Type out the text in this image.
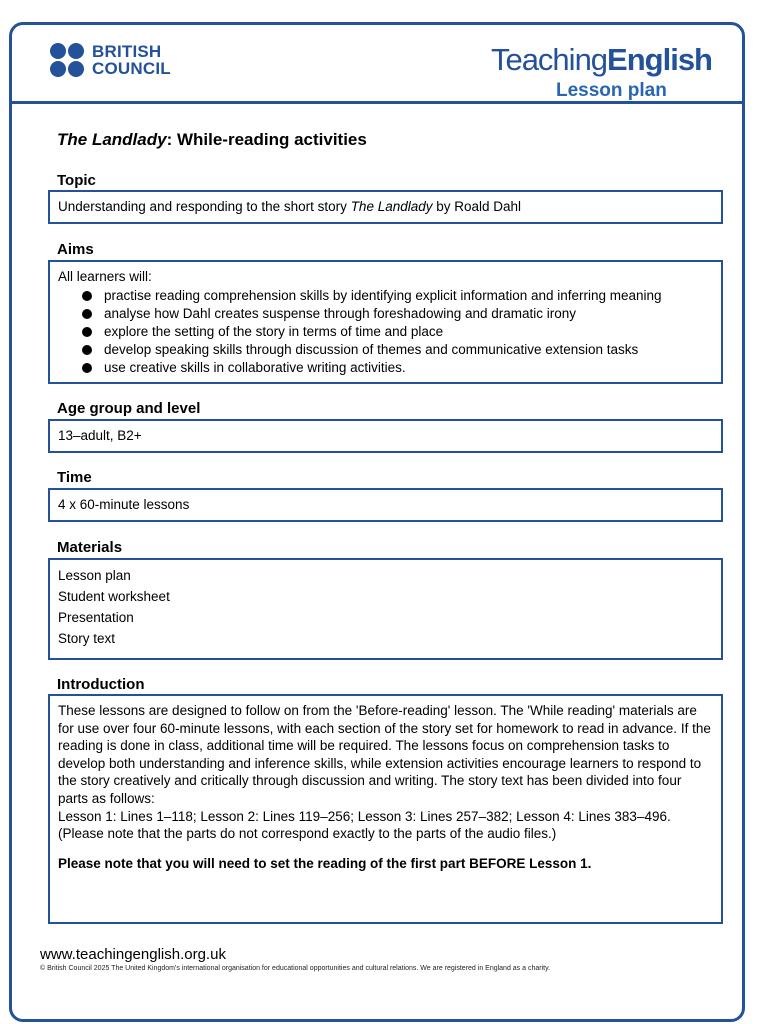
BRITISH
COUNCIL	TeachingEnglish
Lesson plan
The Landlady: While-reading activities
Topic
Understanding and responding to the short story The Landlady by Roald Dahl
Aims
All learners will:
practise reading comprehension skills by identifying explicit information and inferring meaning
analyse how Dahl creates suspense through foreshadowing and dramatic irony
explore the setting of the story in terms of time and place
develop speaking skills through discussion of themes and communicative extension tasks
use creative skills in collaborative writing activities.
Age group and level
13–adult, B2+
Time
4 x 60-minute lessons
Materials
Lesson plan
Student worksheet
Presentation
Story text
Introduction
These lessons are designed to follow on from the 'Before-reading' lesson. The 'While reading' materials are for use over four 60-minute lessons, with each section of the story set for homework to read in advance. If the reading is done in class, additional time will be required. The lessons focus on comprehension tasks to develop both understanding and inference skills, while extension activities encourage learners to respond to the story creatively and critically through discussion and writing. The story text has been divided into four parts as follows:
Lesson 1: Lines 1–118; Lesson 2: Lines 119–256; Lesson 3: Lines 257–382; Lesson 4: Lines 383–496.
(Please note that the parts do not correspond exactly to the parts of the audio files.)
Please note that you will need to set the reading of the first part BEFORE Lesson 1.
www.teachingenglish.org.uk
© British Council 2025 The United Kingdom's international organisation for educational opportunities and cultural relations. We are registered in England as a charity.
